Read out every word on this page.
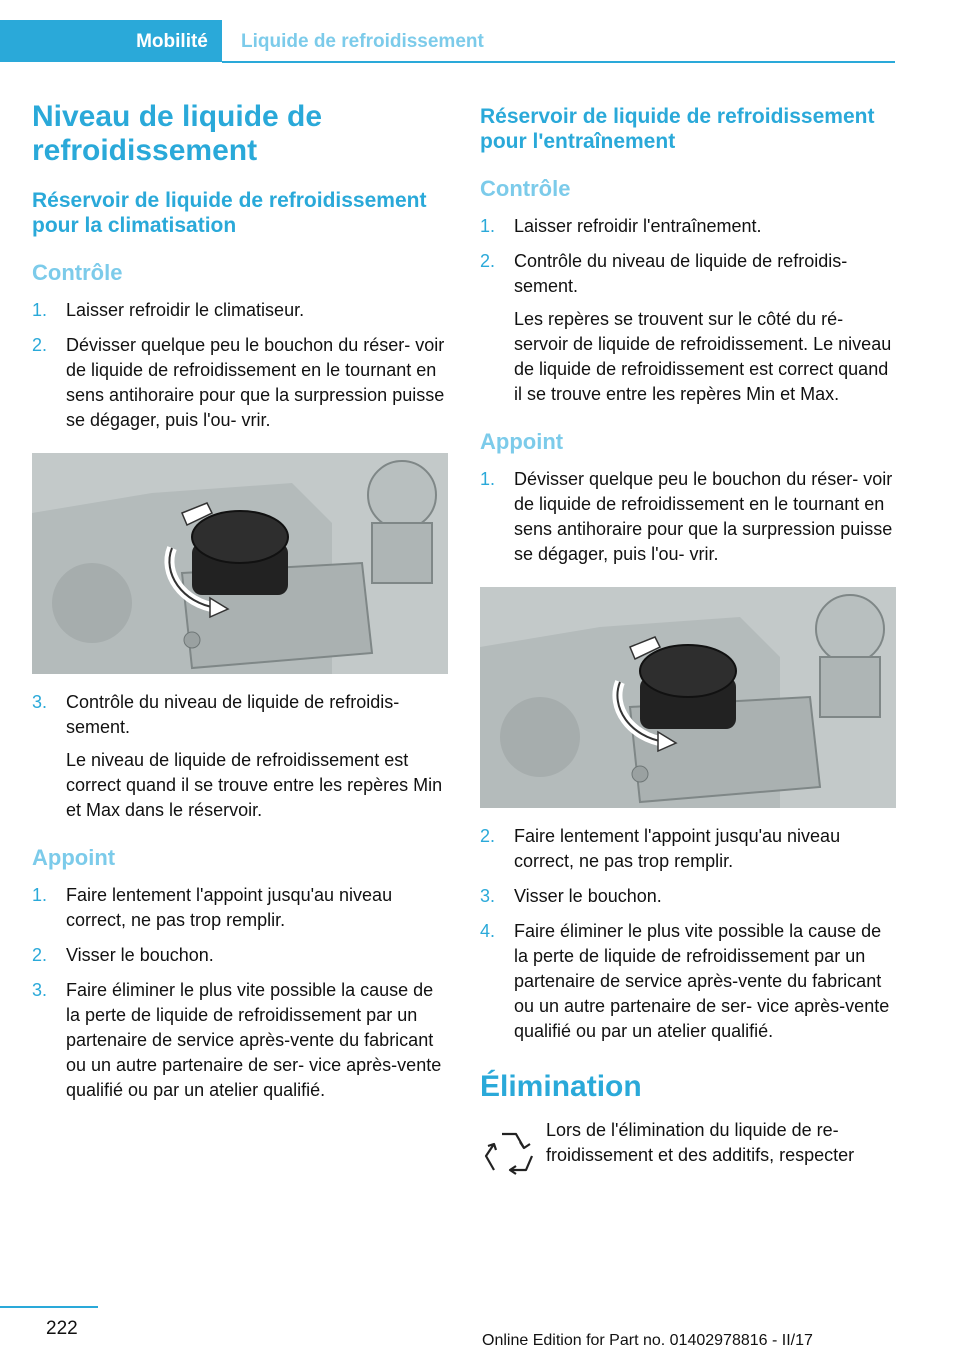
Mobilité	Liquide de refroidissement
Niveau de liquide de refroidissement
Réservoir de liquide de refroidissement pour la climatisation
Contrôle
1. Laisser refroidir le climatiseur.
2. Dévisser quelque peu le bouchon du réser- voir de liquide de refroidissement en le tournant en sens antihoraire pour que la surpression puisse se dégager, puis l'ou- vrir.
3. Contrôle du niveau de liquide de refroidis- sement.
Le niveau de liquide de refroidissement est correct quand il se trouve entre les repères Min et Max dans le réservoir.
Appoint
1. Faire lentement l'appoint jusqu'au niveau correct, ne pas trop remplir.
2. Visser le bouchon.
3. Faire éliminer le plus vite possible la cause de la perte de liquide de refroidissement par un partenaire de service après-vente du fabricant ou un autre partenaire de ser- vice après-vente qualifié ou par un atelier qualifié.
Réservoir de liquide de refroidissement pour l'entraînement
Contrôle
1. Laisser refroidir l'entraînement.
2. Contrôle du niveau de liquide de refroidis- sement.
Les repères se trouvent sur le côté du ré- servoir de liquide de refroidissement. Le niveau de liquide de refroidissement est correct quand il se trouve entre les repères Min et Max.
Appoint
1. Dévisser quelque peu le bouchon du réser- voir de liquide de refroidissement en le tournant en sens antihoraire pour que la surpression puisse se dégager, puis l'ou- vrir.
2. Faire lentement l'appoint jusqu'au niveau correct, ne pas trop remplir.
3. Visser le bouchon.
4. Faire éliminer le plus vite possible la cause de la perte de liquide de refroidissement par un partenaire de service après-vente du fabricant ou un autre partenaire de ser- vice après-vente qualifié ou par un atelier qualifié.
Élimination
Lors de l'élimination du liquide de re- froidissement et des additifs, respecter
222
Online Edition for Part no. 01402978816 - II/17
